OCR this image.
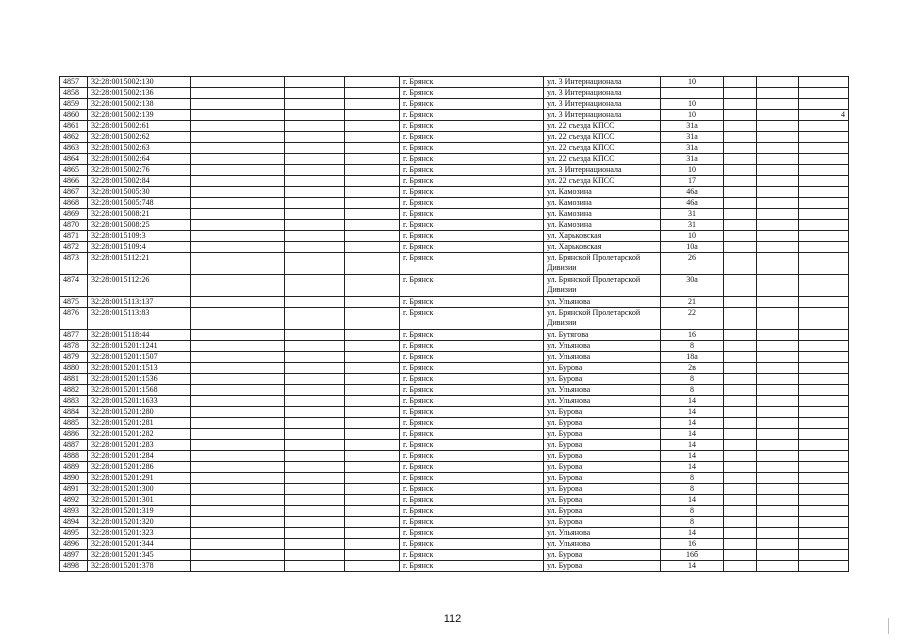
4857	32:28:0015002:130				г. Брянск	ул. 3 Интернационала	10			
4858	32:28:0015002:136				г. Брянск	ул. 3 Интернационала				
4859	32:28:0015002:138				г. Брянск	ул. 3 Интернационала	10			
4860	32:28:0015002:139				г. Брянск	ул. 3 Интернационала	10			4
4861	32:28:0015002:61				г. Брянск	ул. 22 съезда КПСС	31а			
4862	32:28:0015002:62				г. Брянск	ул. 22 съезда КПСС	31а			
4863	32:28:0015002:63				г. Брянск	ул. 22 съезда КПСС	31а			
4864	32:28:0015002:64				г. Брянск	ул. 22 съезда КПСС	31а			
4865	32:28:0015002:76				г. Брянск	ул. 3 Интернационала	10			
4866	32:28:0015002:84				г. Брянск	ул. 22 съезда КПСС	17			
4867	32:28:0015005:30				г. Брянск	ул. Камозина	46а			
4868	32:28:0015005:748				г. Брянск	ул. Камозина	46а			
4869	32:28:0015008:21				г. Брянск	ул. Камозина	31			
4870	32:28:0015008:25				г. Брянск	ул. Камозина	31			
4871	32:28:0015109:3				г. Брянск	ул. Харьковская	10			
4872	32:28:0015109:4				г. Брянск	ул. Харьковская	10а			
4873	32:28:0015112:21				г. Брянск	ул. Брянской Пролетарской Дивизии	26			
4874	32:28:0015112:26				г. Брянск	ул. Брянской Пролетарской Дивизии	30а			
4875	32:28:0015113:137				г. Брянск	ул. Ульянова	21			
4876	32:28:0015113:83				г. Брянск	ул. Брянской Пролетарской Дивизии	22			
4877	32:28:0015118:44				г. Брянск	ул. Бутягова	16			
4878	32:28:0015201:1241				г. Брянск	ул. Ульянова	8			
4879	32:28:0015201:1507				г. Брянск	ул. Ульянова	18а			
4880	32:28:0015201:1513				г. Брянск	ул. Бурова	2в			
4881	32:28:0015201:1536				г. Брянск	ул. Бурова	8			
4882	32:28:0015201:1568				г. Брянск	ул. Ульянова	8			
4883	32:28:0015201:1633				г. Брянск	ул. Ульянова	14			
4884	32:28:0015201:280				г. Брянск	ул. Бурова	14			
4885	32:28:0015201:281				г. Брянск	ул. Бурова	14			
4886	32:28:0015201:282				г. Брянск	ул. Бурова	14			
4887	32:28:0015201:283				г. Брянск	ул. Бурова	14			
4888	32:28:0015201:284				г. Брянск	ул. Бурова	14			
4889	32:28:0015201:286				г. Брянск	ул. Бурова	14			
4890	32:28:0015201:291				г. Брянск	ул. Бурова	8			
4891	32:28:0015201:300				г. Брянск	ул. Бурова	8			
4892	32:28:0015201:301				г. Брянск	ул. Бурова	14			
4893	32:28:0015201:319				г. Брянск	ул. Бурова	8			
4894	32:28:0015201:320				г. Брянск	ул. Бурова	8			
4895	32:28:0015201:323				г. Брянск	ул. Ульянова	14			
4896	32:28:0015201:344				г. Брянск	ул. Ульянова	16			
4897	32:28:0015201:345				г. Брянск	ул. Бурова	16б			
4898	32:28:0015201:378				г. Брянск	ул. Бурова	14			
112
